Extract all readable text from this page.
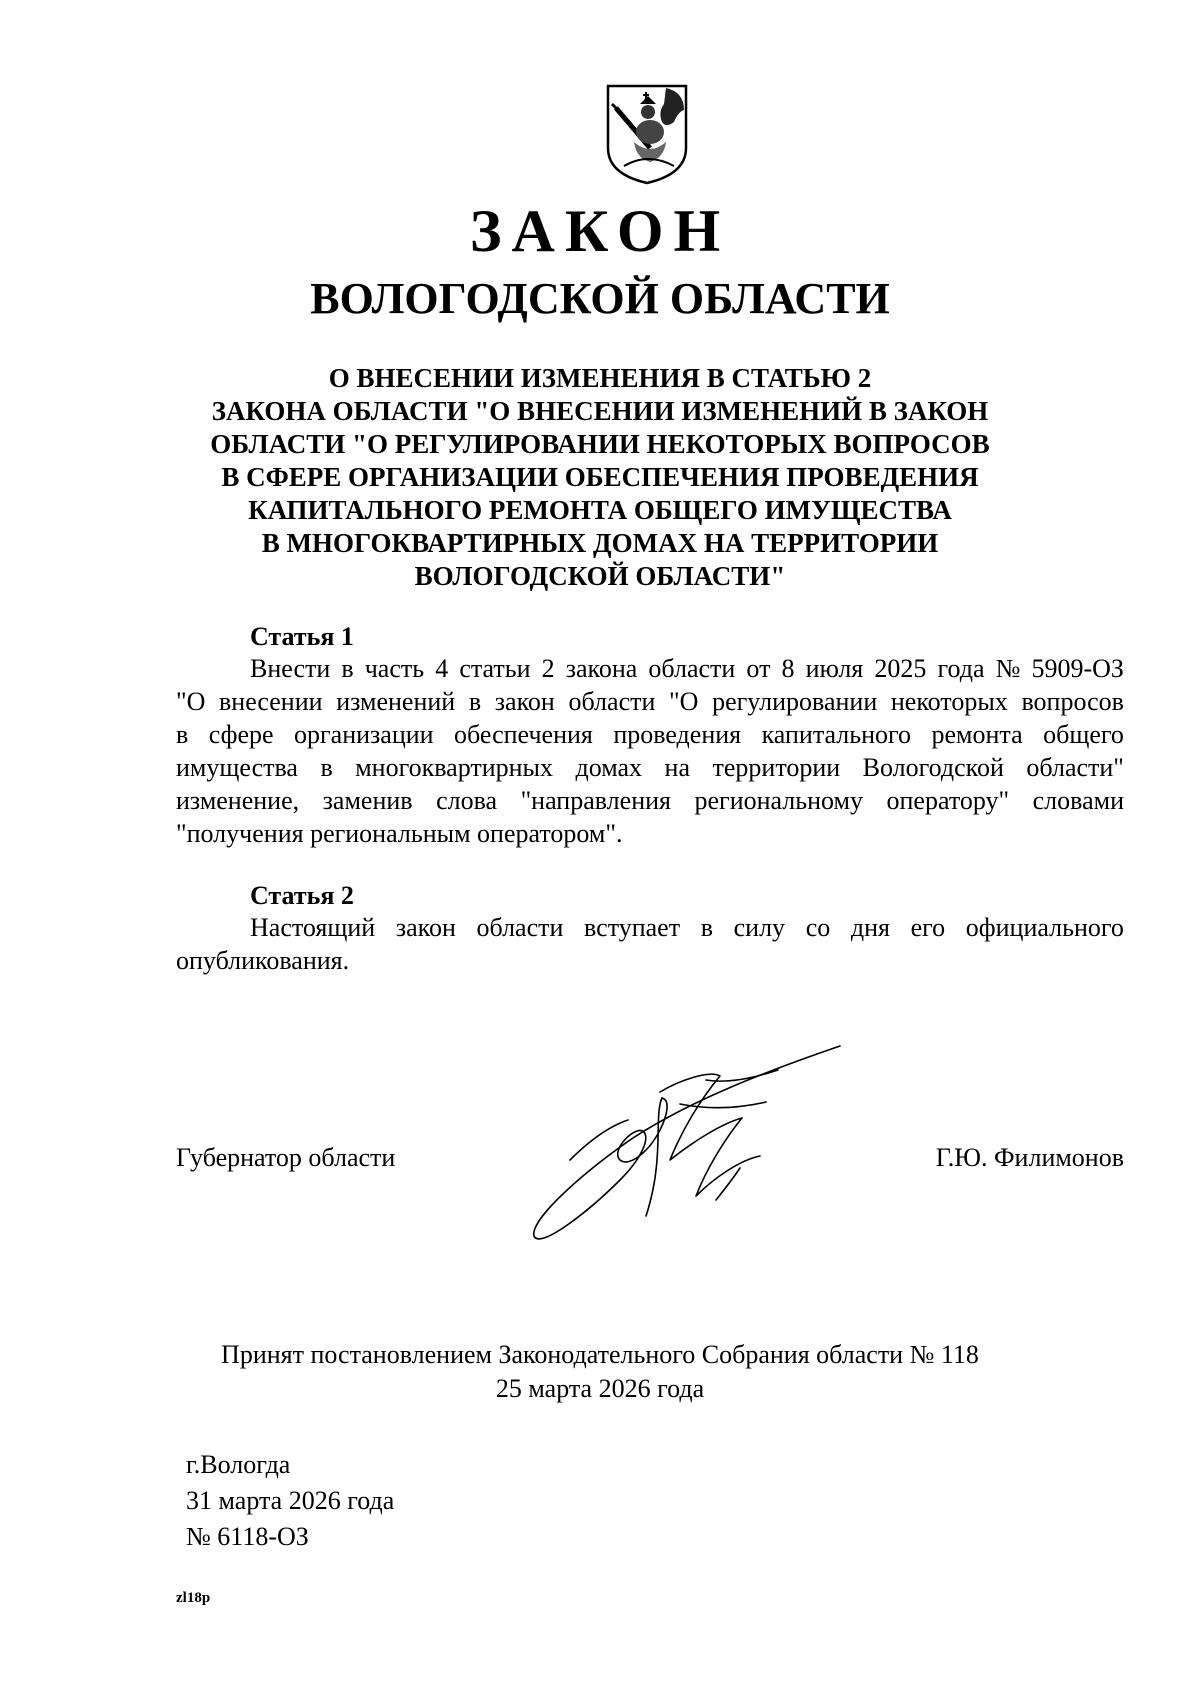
ЗАКОН
ВОЛОГОДСКОЙ ОБЛАСТИ
О ВНЕСЕНИИ ИЗМЕНЕНИЯ В СТАТЬЮ 2
ЗАКОНА ОБЛАСТИ "О ВНЕСЕНИИ ИЗМЕНЕНИЙ В ЗАКОН
ОБЛАСТИ "О РЕГУЛИРОВАНИИ НЕКОТОРЫХ ВОПРОСОВ
В СФЕРЕ ОРГАНИЗАЦИИ ОБЕСПЕЧЕНИЯ ПРОВЕДЕНИЯ
КАПИТАЛЬНОГО РЕМОНТА ОБЩЕГО ИМУЩЕСТВА
В МНОГОКВАРТИРНЫХ ДОМАХ НА ТЕРРИТОРИИ
ВОЛОГОДСКОЙ ОБЛАСТИ"
Статья 1
Внести в часть 4 статьи 2 закона области от 8 июля 2025 года № 5909-ОЗ
"О внесении изменений в закон области "О регулировании некоторых вопросов
в сфере организации обеспечения проведения капитального ремонта общего
имущества в многоквартирных домах на территории Вологодской области"
изменение, заменив слова "направления региональному оператору" словами
"получения региональным оператором".
Статья 2
Настоящий закон области вступает в силу со дня его официального
опубликования.
Губернатор области	Г.Ю. Филимонов
Принят постановлением Законодательного Собрания области № 118
25 марта 2026 года
г.Вологда
31 марта 2026 года
№ 6118-ОЗ
zl18p
